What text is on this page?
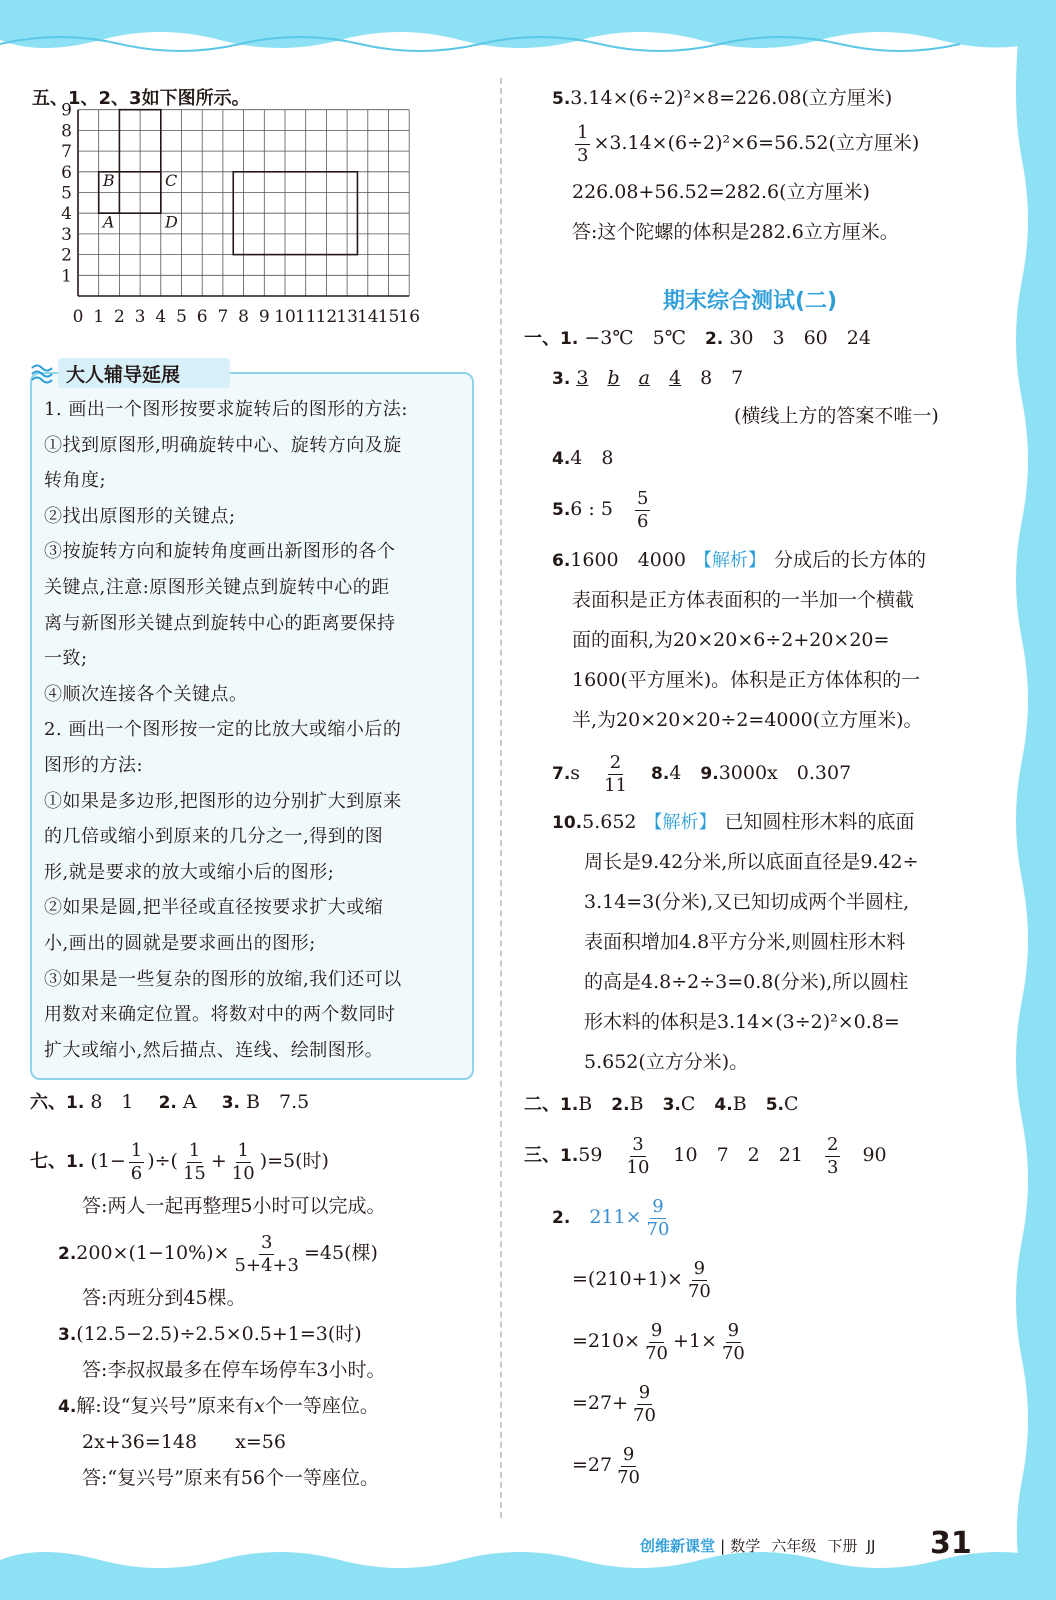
五、1、2、3如下图所示。
9
8
7
6
5
4
3
2
1
0 1 2 3 4 5 6 7 8 9 10 11 12 13 14 15 16
B	C
A	D
大人辅导延展
1. 画出一个图形按要求旋转后的图形的方法:
①找到原图形,明确旋转中心、旋转方向及旋
转角度;
②找出原图形的关键点;
③按旋转方向和旋转角度画出新图形的各个
关键点,注意:原图形关键点到旋转中心的距
离与新图形关键点到旋转中心的距离要保持
一致;
④顺次连接各个关键点。
2. 画出一个图形按一定的比放大或缩小后的
图形的方法:
①如果是多边形,把图形的边分别扩大到原来
的几倍或缩小到原来的几分之一,得到的图
形,就是要求的放大或缩小后的图形;
②如果是圆,把半径或直径按要求扩大或缩
小,画出的圆就是要求画出的图形;
③如果是一些复杂的图形的放缩,我们还可以
用数对来确定位置。将数对中的两个数同时
扩大或缩小,然后描点、连线、绘制图形。
六、1. 8　1　 2. A　 3. B　7.5
七、1. ($1- \frac{1}{6}$ )÷( $\frac{1}{15} + \frac{1}{10} )=5$(时)
答:两人一起再整理5小时可以完成。
$2.200\times(1-10\%)\times \frac{3}{5+4+3} =45$(棵)
答:丙班分到45棵。
3.(12.5−2.5)÷2.5×0.5+1=3(时)
答:李叔叔最多在停车场停车3小时。
4.解:设“复兴号”原来有x个一等座位。
2x+36=148　　 x=56
答:“复兴号”原来有56个一等座位。
5.3.14×(6÷2)²×8=226.08(立方厘米)
$\frac{1}{3} \times 3.14\times(6\div 2)^2\times 6=56.52$(立方厘米)
226.08+56.52=282.6(立方厘米)
答:这个陀螺的体积是282.6立方厘米。
期末综合测试(二)
一、1. −3℃　5℃　 2. 30　3　60　24
3. 3　 b　 a　 4　 8　7
(横线上方的答案不唯一)
4.4　8
5.6 : 5　 $\frac{5}{6}$
6.1600　4000 【解析】 分成后的长方体的
表面积是正方体表面积的一半加一个横截
面的面积,为20×20×6÷2+20×20=
1600(平方厘米)。体积是正方体体积的一
半,为20×20×20÷2=4000(立方厘米)。
7.s　 $\frac{2}{11}$
　 8.4　 9.3000x　0.307
10.5.652 【解析】 已知圆柱形木料的底面
周长是9.42分米,所以底面直径是9.42÷
3.14=3(分米),又已知切成两个半圆柱,
表面积增加4.8平方分米,则圆柱形木料
的高是4.8÷2÷3=0.8(分米),所以圆柱
形木料的体积是3.14×(3÷2)²×0.8=
5.652(立方分米)。
二、1.B　 2.B　 3.C　 4.B　 5.C
三、1.59　 $\frac{3}{10}$
　 10　7　2　21　 $\frac{2}{3}$
　 90
2.　 $211\times \frac{9}{70}$
$=(210+1)\times \frac{9}{70}$
$=210\times \frac{9}{70} +1\times \frac{9}{70}$
$=27+ \frac{9}{70}$
$=27 \frac{9}{70}$
创维新课堂 | 数学 六年级 下册 JJ 31
